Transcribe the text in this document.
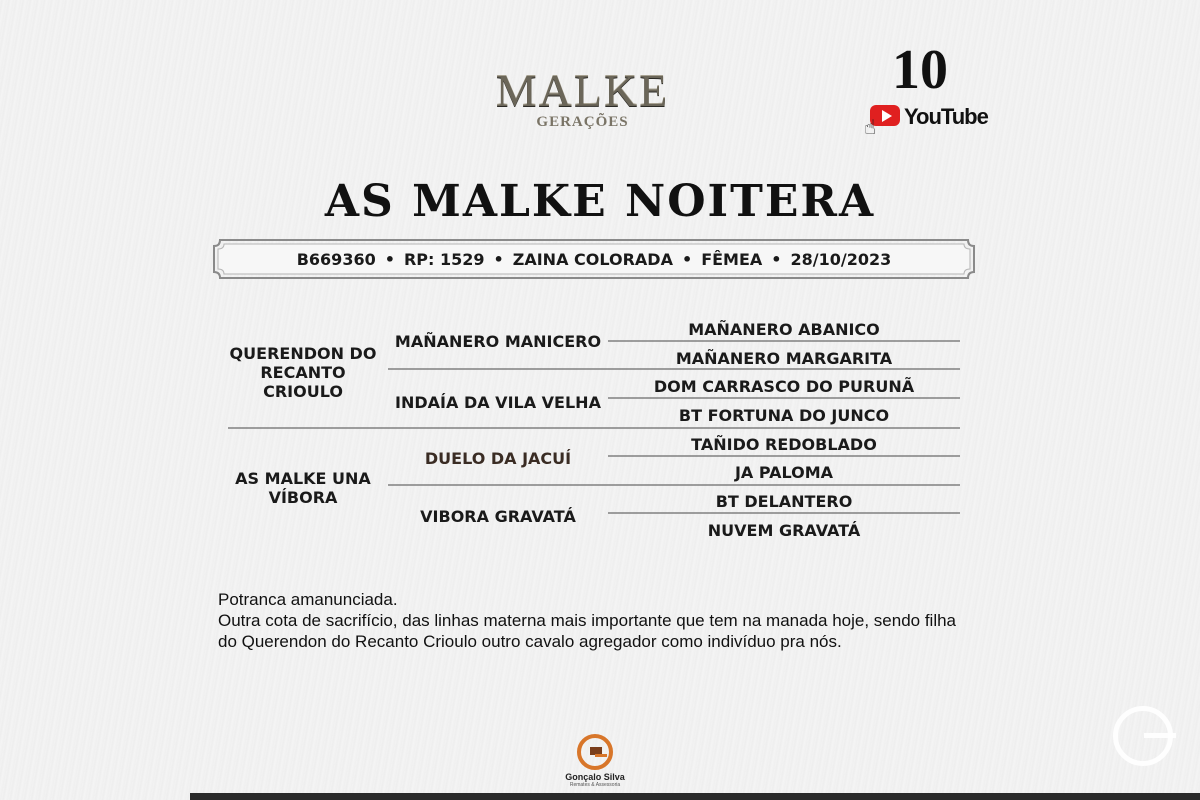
MALKE
GERAÇÕES
10
☝ YouTube
AS MALKE NOITERA
B669360 • RP: 1529 • ZAINA COLORADA • FÊMEA • 28/10/2023
QUERENDON DO RECANTO CRIOULO
MAÑANERO MANICERO
INDAÍA DA VILA VELHA
MAÑANERO ABANICO
MAÑANERO MARGARITA
DOM CARRASCO DO PURUNÃ
BT FORTUNA DO JUNCO
AS MALKE UNA VÍBORA
DUELO DA JACUÍ
VIBORA GRAVATÁ
TAÑIDO REDOBLADO
JA PALOMA
BT DELANTERO
NUVEM GRAVATÁ

Potranca amanunciada.

Outra cota de sacrifício, das linhas materna mais importante que tem na manada hoje, sendo filha do Querendon do Recanto Crioulo outro cavalo agregador como indivíduo pra nós.

Gonçalo Silva
Remates & Assessoria
